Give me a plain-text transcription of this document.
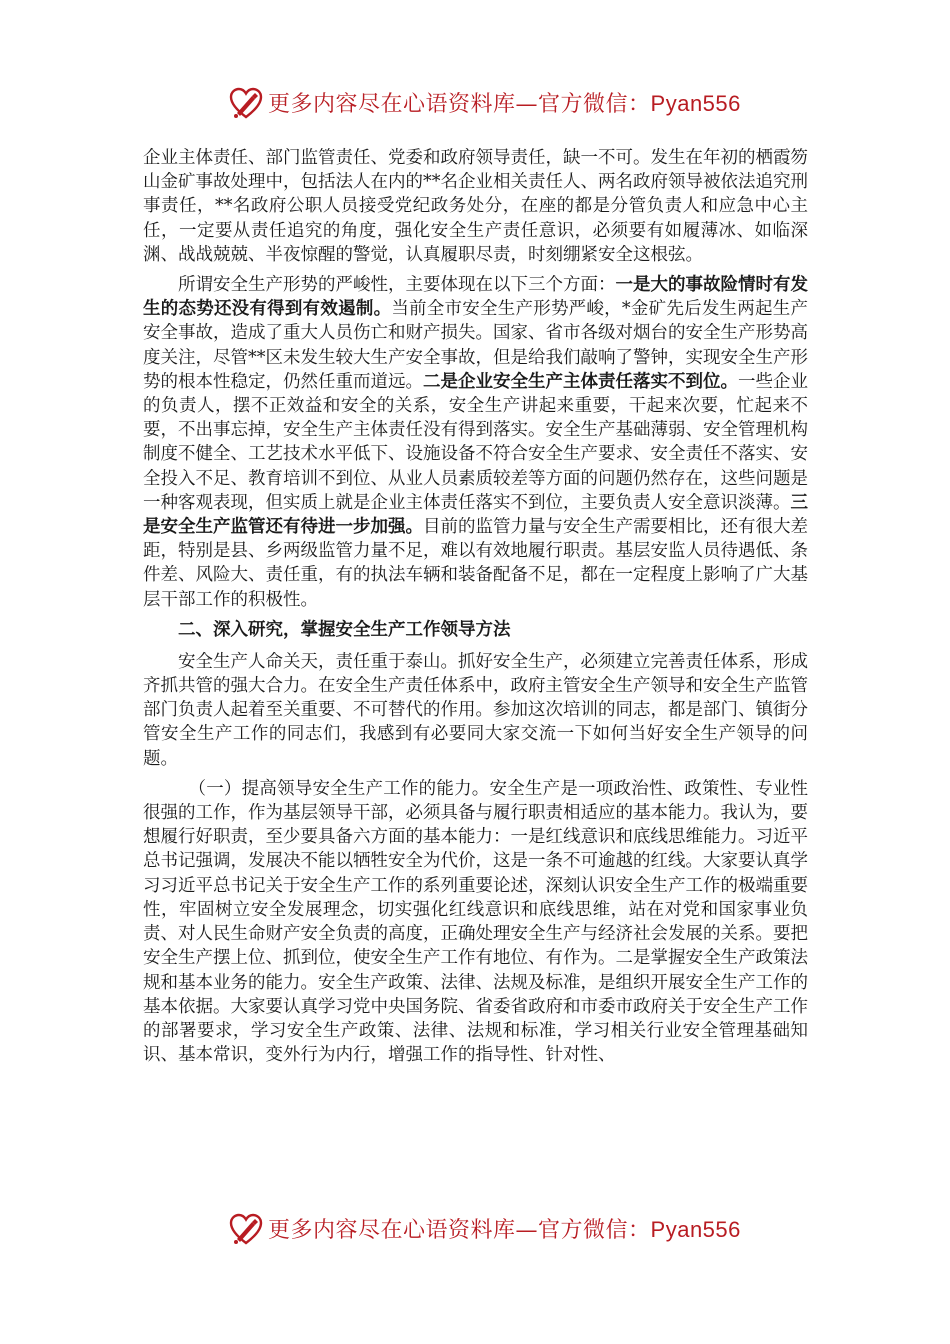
更多内容尽在心语资料库—官方微信：Pyan556

企业主体责任、部门监管责任、党委和政府领导责任，缺一不可。发生在年初的栖霞笏山金矿事故处理中，包括法人在内的**名企业相关责任人、两名政府领导被依法追究刑事责任，**名政府公职人员接受党纪政务处分，在座的都是分管负责人和应急中心主任，一定要从责任追究的角度，强化安全生产责任意识，必须要有如履薄冰、如临深渊、战战兢兢、半夜惊醒的警觉，认真履职尽责，时刻绷紧安全这根弦。

所谓安全生产形势的严峻性，主要体现在以下三个方面：一是大的事故险情时有发生的态势还没有得到有效遏制。当前全市安全生产形势严峻，*金矿先后发生两起生产安全事故，造成了重大人员伤亡和财产损失。国家、省市各级对烟台的安全生产形势高度关注，尽管**区未发生较大生产安全事故，但是给我们敲响了警钟，实现安全生产形势的根本性稳定，仍然任重而道远。二是企业安全生产主体责任落实不到位。一些企业的负责人，摆不正效益和安全的关系，安全生产讲起来重要，干起来次要，忙起来不要，不出事忘掉，安全生产主体责任没有得到落实。安全生产基础薄弱、安全管理机构制度不健全、工艺技术水平低下、设施设备不符合安全生产要求、安全责任不落实、安全投入不足、教育培训不到位、从业人员素质较差等方面的问题仍然存在，这些问题是一种客观表现，但实质上就是企业主体责任落实不到位，主要负责人安全意识淡薄。三是安全生产监管还有待进一步加强。目前的监管力量与安全生产需要相比，还有很大差距，特别是县、乡两级监管力量不足，难以有效地履行职责。基层安监人员待遇低、条件差、风险大、责任重，有的执法车辆和装备配备不足，都在一定程度上影响了广大基层干部工作的积极性。

二、深入研究，掌握安全生产工作领导方法

安全生产人命关天，责任重于泰山。抓好安全生产，必须建立完善责任体系，形成齐抓共管的强大合力。在安全生产责任体系中，政府主管安全生产领导和安全生产监管部门负责人起着至关重要、不可替代的作用。参加这次培训的同志，都是部门、镇街分管安全生产工作的同志们，我感到有必要同大家交流一下如何当好安全生产领导的问题。

（一）提高领导安全生产工作的能力。安全生产是一项政治性、政策性、专业性很强的工作，作为基层领导干部，必须具备与履行职责相适应的基本能力。我认为，要想履行好职责，至少要具备六方面的基本能力：一是红线意识和底线思维能力。习近平总书记强调，发展决不能以牺牲安全为代价，这是一条不可逾越的红线。大家要认真学习习近平总书记关于安全生产工作的系列重要论述，深刻认识安全生产工作的极端重要性，牢固树立安全发展理念，切实强化红线意识和底线思维，站在对党和国家事业负责、对人民生命财产安全负责的高度，正确处理安全生产与经济社会发展的关系。要把安全生产摆上位、抓到位，使安全生产工作有地位、有作为。二是掌握安全生产政策法规和基本业务的能力。安全生产政策、法律、法规及标准，是组织开展安全生产工作的基本依据。大家要认真学习党中央国务院、省委省政府和市委市政府关于安全生产工作的部署要求，学习安全生产政策、法律、法规和标准，学习相关行业安全管理基础知识、基本常识，变外行为内行，增强工作的指导性、针对性、

更多内容尽在心语资料库—官方微信：Pyan556
